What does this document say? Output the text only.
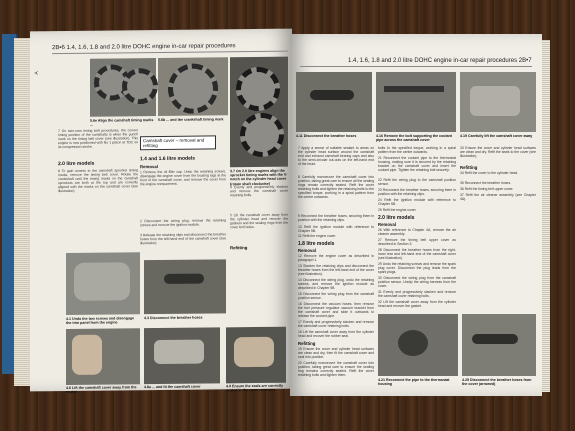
2B•6 1.4, 1.6, 1.8 and 2.0 litre DOHC engine in-car repair procedures
A
5.6e Align the camshaft timing marks ...
5.6b ... and the crankshaft timing mark
3.7 On 2.0 litre engines align the sprocket timing marks with the V-notch on the cylinder head cover (rotate shaft clockwise)
7 On twin-cam timing belt procedures, the correct timing position of the camshafts is when the punch mark on the timing belt cover (see illustration). This engine is now positioned with No 1 piston at TDC on its compression stroke.
2.0 litre models
8 To gain access to the camshaft sprocket timing marks, remove the timing belt cover. Rotate the crankshaft until the timing marks on the camshaft sprockets are both at the top and are correctly aligned with the marks on the camshaft cover (see illustration).
Camshaft cover – removal and refitting
1.4 and 1.6 litre models
Removal
1 Remove the oil filler cap. Undo the retaining screws, disengage the engine cover from the locating lugs at the front of the camshaft cover, and remove the cover from the engine compartment.
2 Disconnect the wiring plug, remove the retaining screws and remove the ignition module.
3 Release the retaining clips and disconnect the breather hoses from the left-hand end of the camshaft cover (see illustration).
4 Evenly and progressively slacken and remove the camshaft cover retaining bolts.
5 Lift the camshaft cover away from the cylinder head and recover the gaskets and the sealing rings from the cover bolt holes.
Refitting
4.1 Undo the two screws and disengage the trim panel from the engine
4.3 Disconnect the breather hoses
4.6 Lift the camshaft cover away from the engine
4.8a ... and fit the camshaft cover	4.9 Ensure the seals are correctly seated in the cover recesses
1.4, 1.6, 1.8 and 2.0 litre DOHC engine in-car repair procedures 2B•7
4.11 Disconnect the breather hoses	4.16 Remove the bolt supporting the coolant pipe across the camshaft cover
4.19 Carefully lift the camshaft cover away
7 Apply a smear of suitable sealant to areas on the cylinder head surface around the camshaft end and exhaust camshaft bearing caps and also to the semi-circular cut-outs on the left-hand end of the head.
8 Carefully manoeuvre the camshaft cover into position, taking great care to ensure all the sealing rings remain correctly seated. Refit the cover retaining bolts and tighten the retaining bolts to the specified torque, working in a spiral pattern from the centre outwards.
9 Reconnect the breather hoses, securing them in position with the retaining clips.
10 Refit the ignition module with reference to Chapter 5B.
11 Refit the engine cover.
1.8 litre models
Removal
12 Remove the engine cover as described in paragraph 1.
13 Slacken the retaining clips and disconnect the breather hoses from the left-hand end of the cover (see illustration).
14 Disconnect the wiring plug, undo the retaining screws, and remove the ignition module as described in Chapter 5B.
15 Disconnect the wiring plug from the camshaft position sensor.
16 Disconnect the vacuum hoses, then remove the fuel pressure regulator vacuum bracket from the camshaft cover and slide it outwards to release the coolant pipe.
17 Evenly and progressively slacken and remove the camshaft cover retaining bolts.
18 Lift the camshaft cover away from the cylinder head and recover the rubber seal.
Refitting
19 Ensure the cover and cylinder head surfaces are clean and dry, then fit the camshaft cover and seal into position.
20 Carefully manoeuvre the camshaft cover into position, taking great care to ensure the sealing ring remains correctly seated. Refit the cover retaining bolts and tighten them.
bolts to the specified torque, working in a spiral pattern from the centre outwards.
21 Reconnect the coolant pipe to the thermostat housing, making sure it is secured by the retaining bracket on the camshaft cover and insert the coolant pipe. Tighten the retaining bolt securely.
22 Refit the wiring plug to the camshaft position sensor.
23 Reconnect the breather hoses, securing them in position with the retaining clips.
24 Refit the ignition module with reference to Chapter 5B.
25 Refit the engine cover.
2.0 litre models
Removal
26 With reference to Chapter 4A, remove the air cleaner assembly.
27 Remove the timing belt upper cover as described in Section 3.
28 Disconnect the breather hoses from the right-hand rear and left-hand end of the camshaft cover (see illustration).
29 Undo the retaining screws and remove the spark plug cover. Disconnect the plug leads from the spark plugs.
30 Disconnect the wiring plug from the camshaft position sensor. Unclip the wiring harness from the cover.
31 Evenly and progressively slacken and remove the camshaft cover retaining bolts.
32 Lift the camshaft cover away from the cylinder head and recover the gasket.
33 Ensure the cover and cylinder head surfaces are clean and dry. Refit the seals to the cover (see illustration).
Refitting
34 Refit the cover to the cylinder head.
35 Reconnect the breather hoses.
36 Refit the timing belt upper cover.
37 Refit the air cleaner assembly (see Chapter 4A).
4.21 Reconnect the pipe to the thermostat housing
4.25 Disconnect the breather hoses from the cover (arrowed)
